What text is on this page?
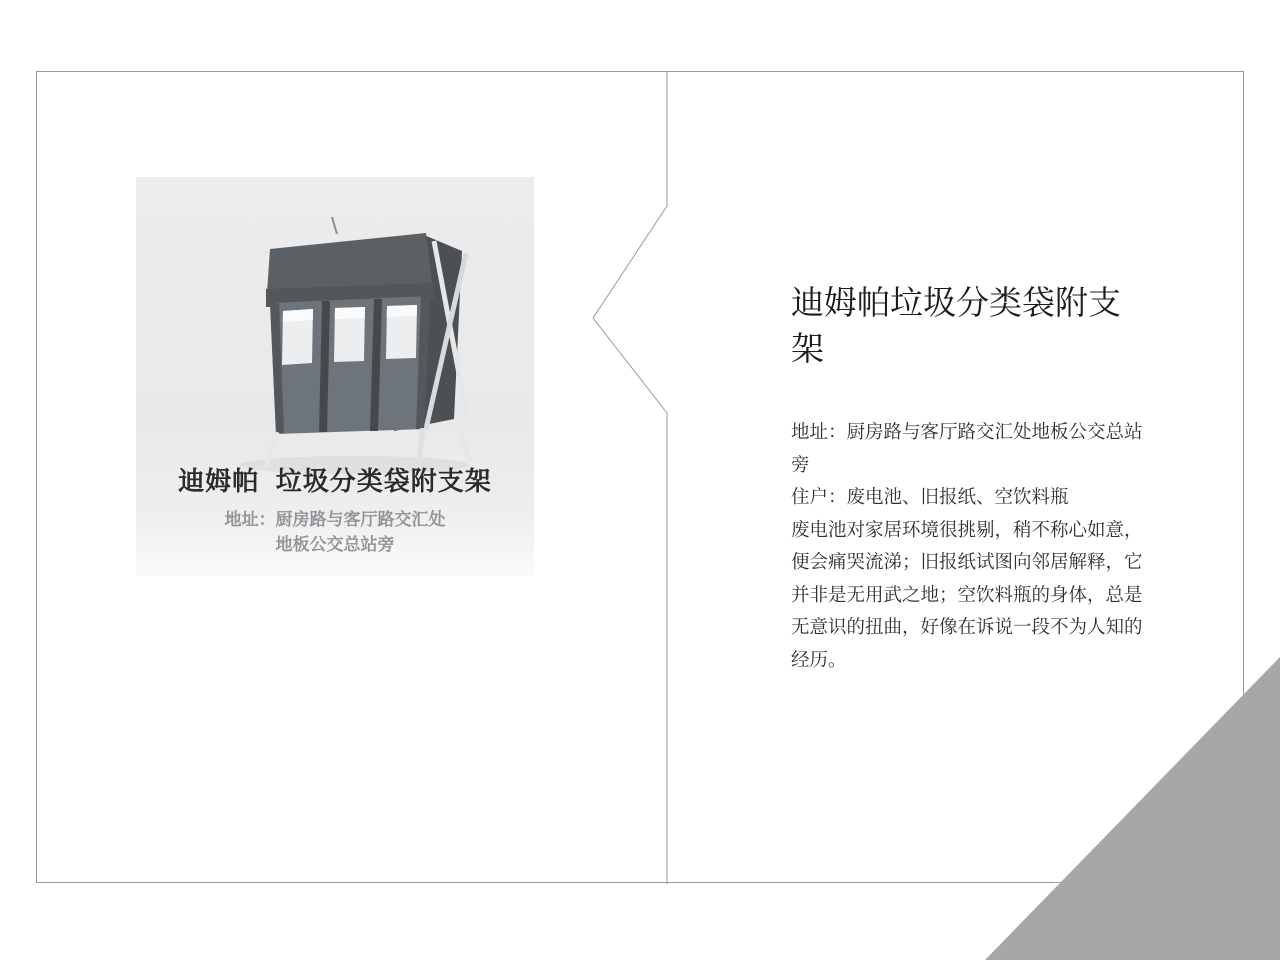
迪姆帕  垃圾分类袋附支架
地址：厨房路与客厅路交汇处
地板公交总站旁
迪姆帕垃圾分类袋附支架

地址：厨房路与客厅路交汇处地板公交总站旁

住户：废电池、旧报纸、空饮料瓶

废电池对家居环境很挑剔，稍不称心如意，便会痛哭流涕；旧报纸试图向邻居解释，它并非是无用武之地；空饮料瓶的身体，总是无意识的扭曲，好像在诉说一段不为人知的经历。
